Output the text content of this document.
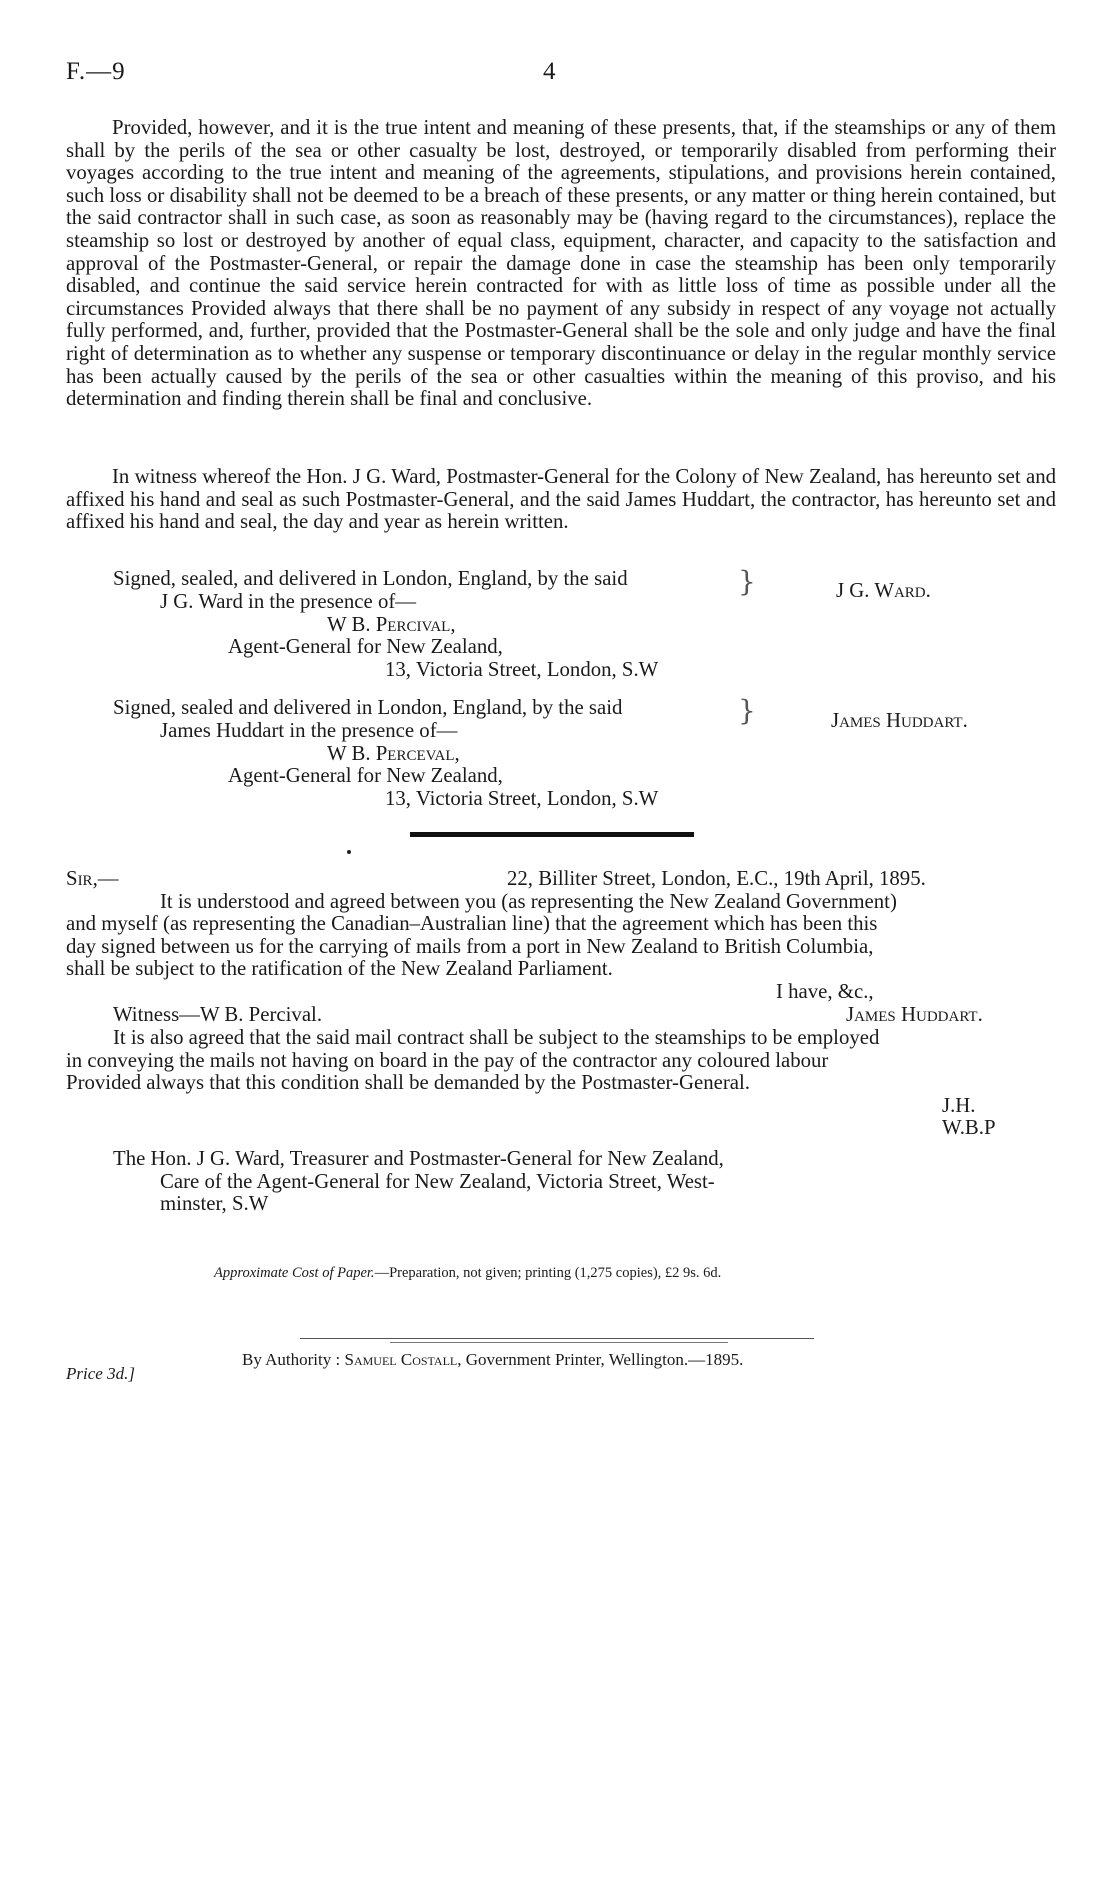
F.—9	4

Provided, however, and it is the true intent and meaning of these presents, that, if the steamships or any of them shall by the perils of the sea or other casualty be lost, destroyed, or temporarily disabled from performing their voyages according to the true intent and meaning of the agreements, stipulations, and provisions herein contained, such loss or disability shall not be deemed to be a breach of these presents, or any matter or thing herein contained, but the said contractor shall in such case, as soon as reasonably may be (having regard to the circumstances), replace the steamship so lost or destroyed by another of equal class, equipment, character, and capacity to the satisfaction and approval of the Postmaster-General, or repair the damage done in case the steamship has been only temporarily disabled, and continue the said service herein contracted for with as little loss of time as possible under all the circumstances Provided always that there shall be no payment of any subsidy in respect of any voyage not actually fully performed, and, further, provided that the Postmaster-General shall be the sole and only judge and have the final right of determination as to whether any suspense or temporary discontinuance or delay in the regular monthly service has been actually caused by the perils of the sea or other casualties within the meaning of this proviso, and his determination and finding therein shall be final and conclusive.

In witness whereof the Hon. J G. Ward, Postmaster-General for the Colony of New Zealand, has hereunto set and affixed his hand and seal as such Postmaster-General, and the said James Huddart, the contractor, has hereunto set and affixed his hand and seal, the day and year as herein written.

Signed, sealed, and delivered in London, England, by the said
J G. Ward in the presence of—
}
W B. Percival,
Agent-General for New Zealand,
13, Victoria Street, London, S.W
J G. Ward.
Signed, sealed and delivered in London, England, by the said
James Huddart in the presence of—
}
W B. Perceval,
Agent-General for New Zealand,
13, Victoria Street, London, S.W
James Huddart.
Sir,—	22, Billiter Street, London, E.C., 19th April, 1895.
It is understood and agreed between you (as representing the New Zealand Government)
and myself (as representing the Canadian–Australian line) that the agreement which has been this
day signed between us for the carrying of mails from a port in New Zealand to British Columbia,
shall be subject to the ratification of the New Zealand Parliament.
I have, &c.,
Witness—W B. Percival.	James Huddart.
It is also agreed that the said mail contract shall be subject to the steamships to be employed
in conveying the mails not having on board in the pay of the contractor any coloured labour
Provided always that this condition shall be demanded by the Postmaster-General.
J.H.
W.B.P
The Hon. J G. Ward, Treasurer and Postmaster-General for New Zealand,
Care of the Agent-General for New Zealand, Victoria Street, West-
minster, S.W
Approximate Cost of Paper.—Preparation, not given; printing (1,275 copies), £2 9s. 6d.
Price 3d.]
By Authority : Samuel Costall, Government Printer, Wellington.—1895.
